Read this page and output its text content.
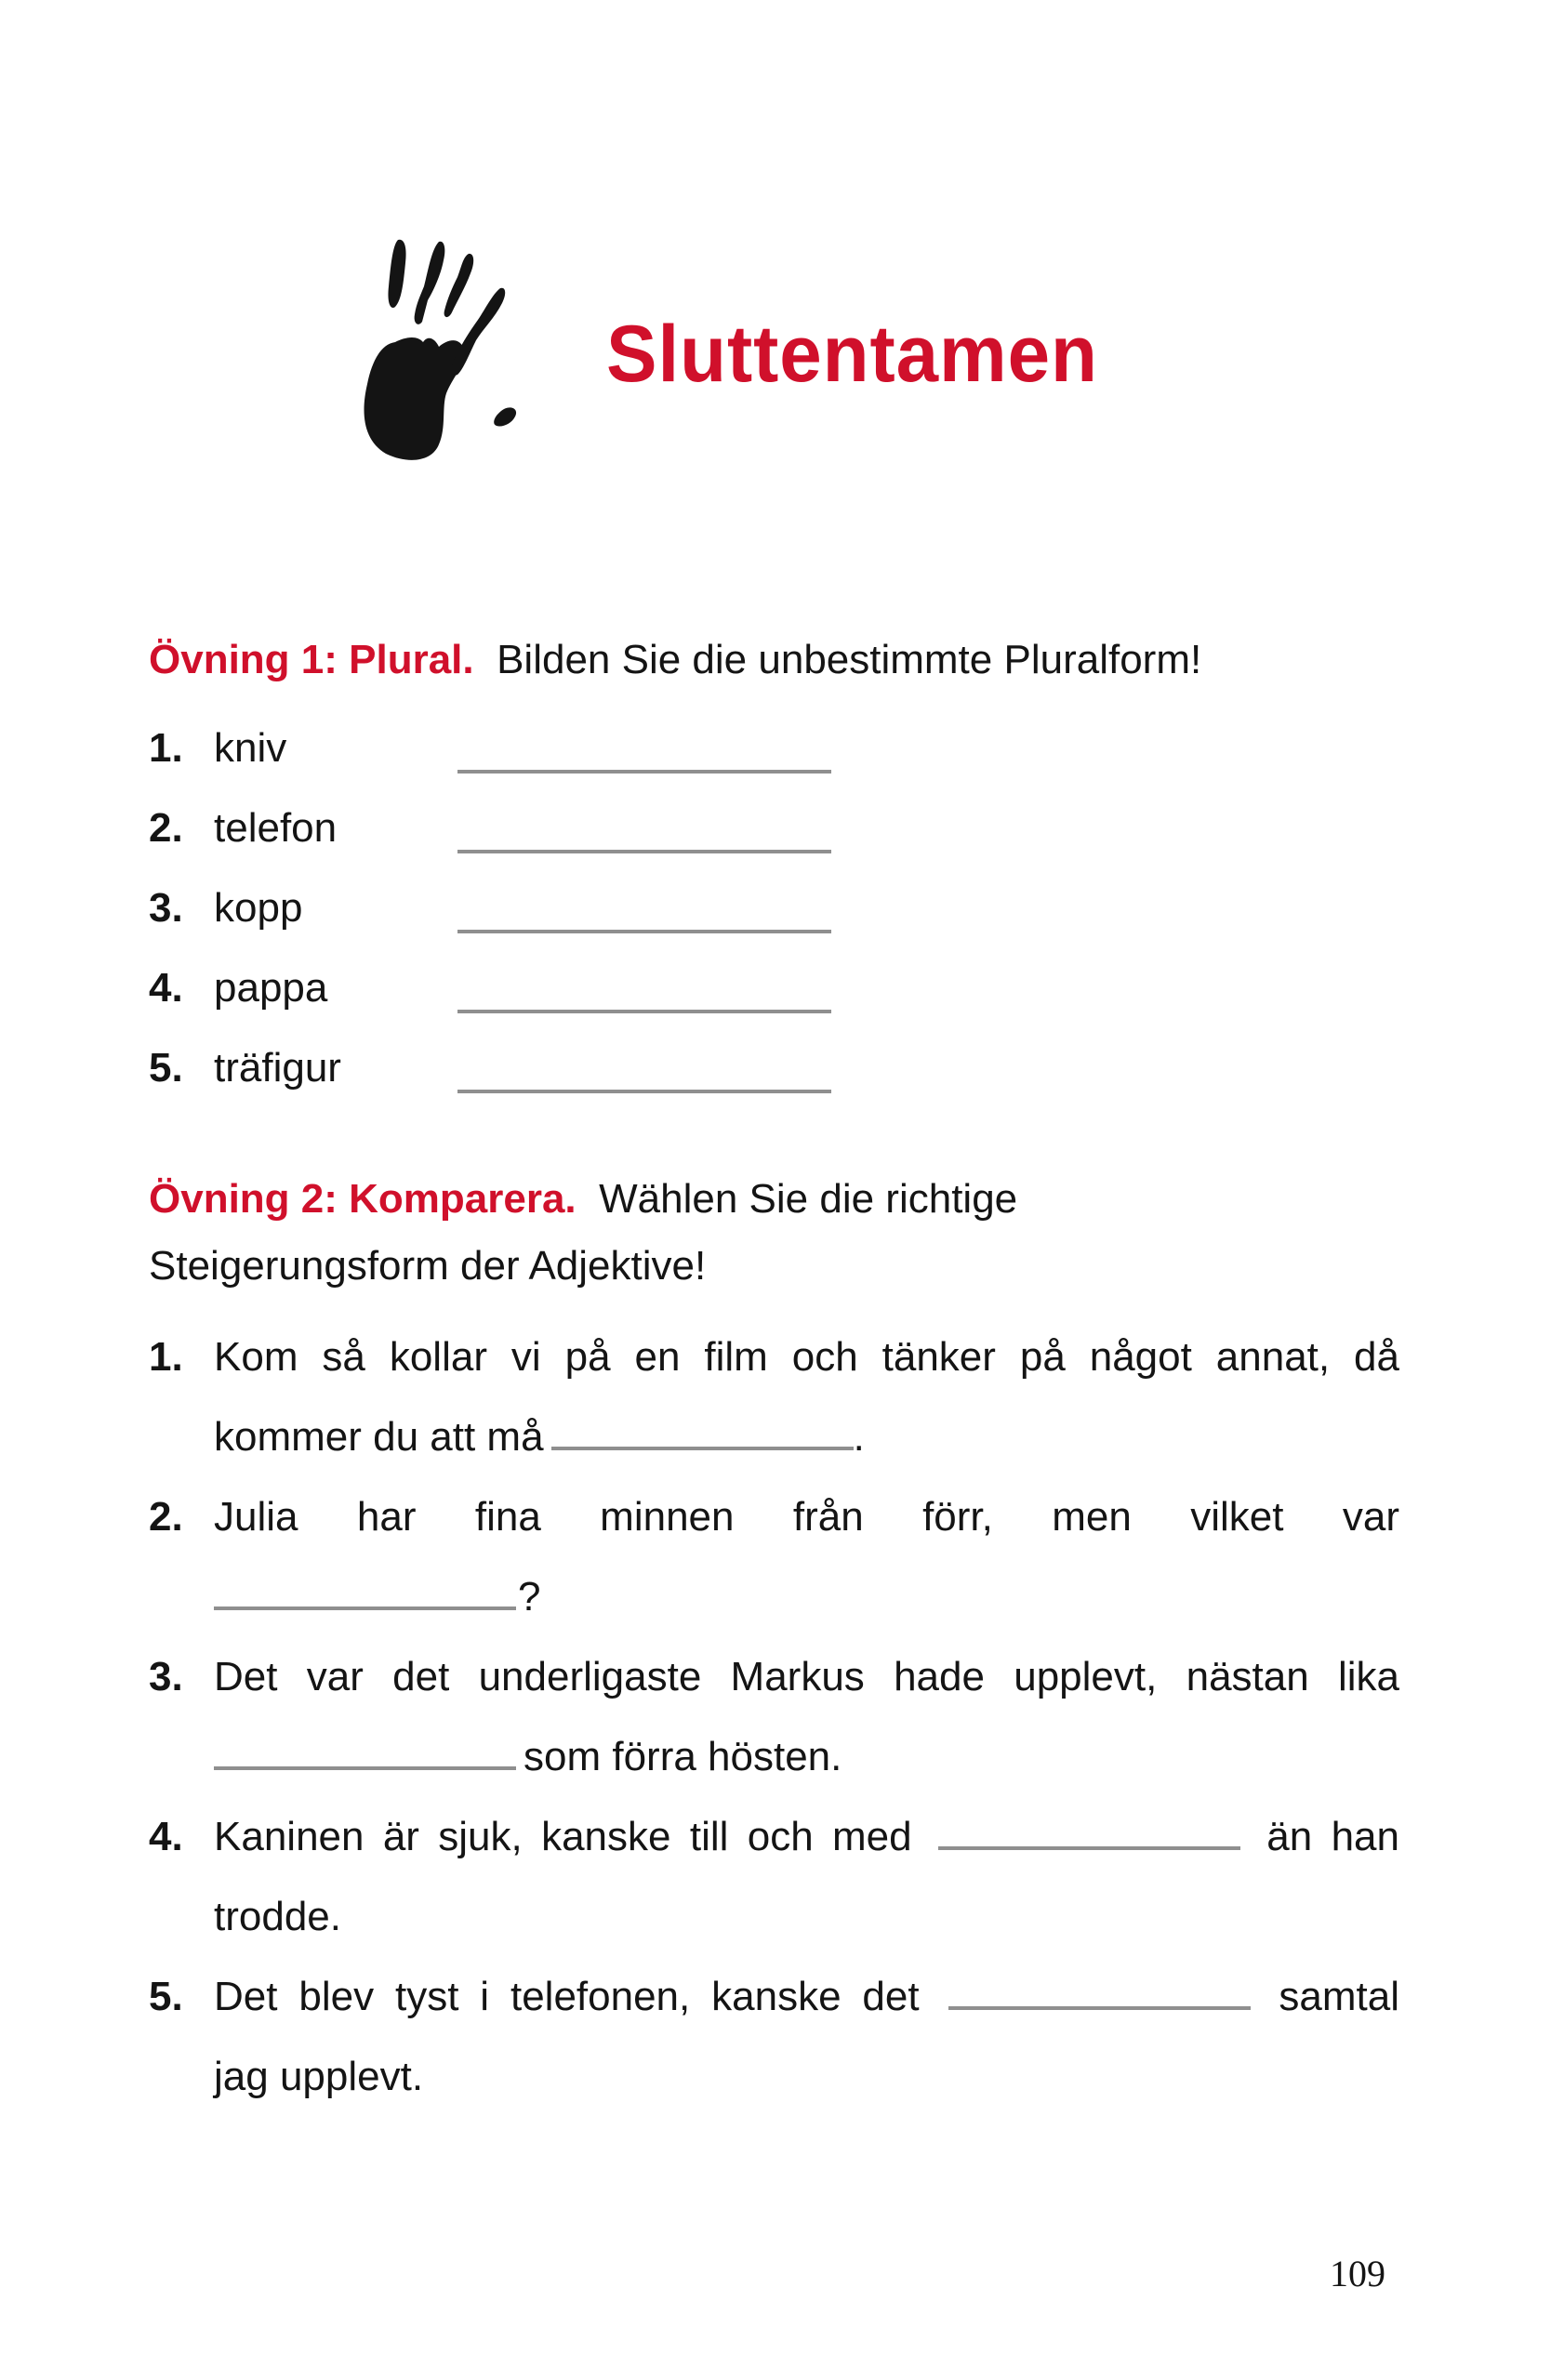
Sluttentamen
Övning 1: Plural. Bilden Sie die unbestimmte Pluralform!
1. kniv
2. telefon
3. kopp
4. pappa
5. träfigur
Övning 2: Komparera. Wählen Sie die richtige
Steigerungsform der Adjektive!
1. Kom så kollar vi på en film och tänker på något annat, då
kommer du att må	.
2. Julia har fina minnen från förr, men vilket var
?
3. Det var det underligaste Markus hade upplevt, nästan lika
som förra hösten.
4. Kaninen är sjuk, kanske till och med	än han
trodde.
5. Det blev tyst i telefonen, kanske det	samtal
jag upplevt.
109
